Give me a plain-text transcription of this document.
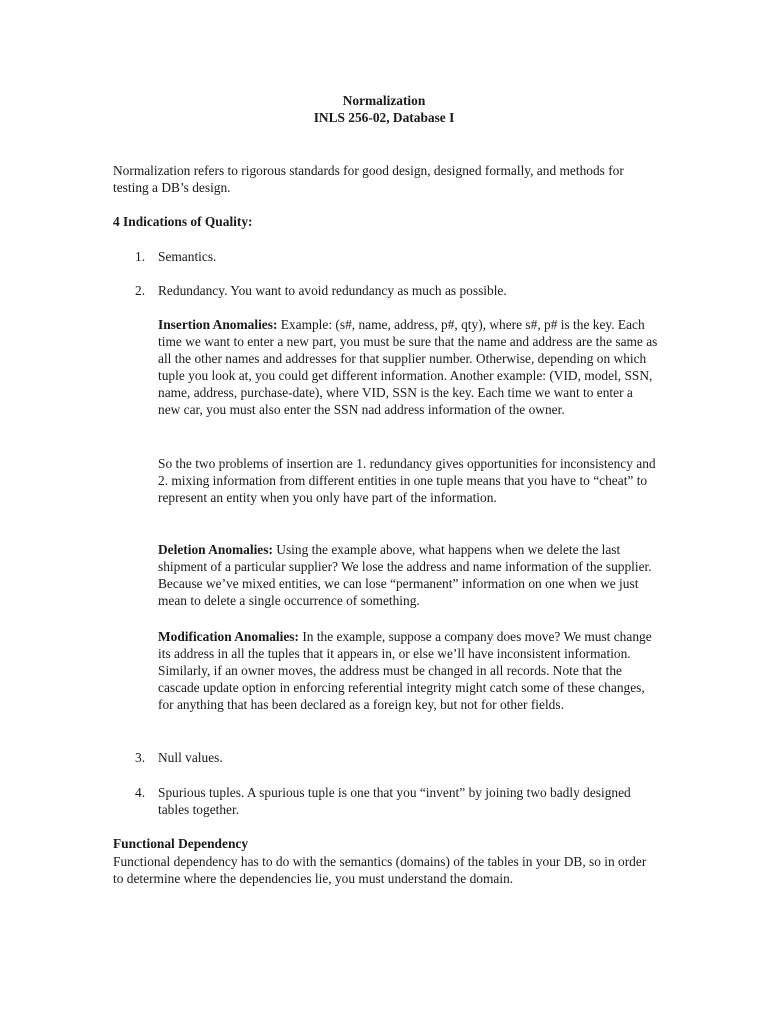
Normalization
INLS 256-02, Database I

Normalization refers to rigorous standards for good design, designed formally, and methods for testing a DB’s design.

4 Indications of Quality:

1. Semantics.
2. Redundancy. You want to avoid redundancy as much as possible.

Insertion Anomalies: Example: (s#, name, address, p#, qty), where s#, p# is the key. Each time we want to enter a new part, you must be sure that the name and address are the same as all the other names and addresses for that supplier number. Otherwise, depending on which tuple you look at, you could get different information. Another example: (VID, model, SSN, name, address, purchase-date), where VID, SSN is the key. Each time we want to enter a new car, you must also enter the SSN nad address information of the owner.

So the two problems of insertion are 1. redundancy gives opportunities for inconsistency and 2. mixing information from different entities in one tuple means that you have to “cheat” to represent an entity when you only have part of the information.

Deletion Anomalies: Using the example above, what happens when we delete the last shipment of a particular supplier? We lose the address and name information of the supplier. Because we’ve mixed entities, we can lose “permanent” information on one when we just mean to delete a single occurrence of something.

Modification Anomalies: In the example, suppose a company does move? We must change its address in all the tuples that it appears in, or else we’ll have inconsistent information. Similarly, if an owner moves, the address must be changed in all records. Note that the cascade update option in enforcing referential integrity might catch some of these changes, for anything that has been declared as a foreign key, but not for other fields.

3. Null values.
4. Spurious tuples. A spurious tuple is one that you “invent” by joining two badly designed tables together.

Functional Dependency

Functional dependency has to do with the semantics (domains) of the tables in your DB, so in order to determine where the dependencies lie, you must understand the domain.
